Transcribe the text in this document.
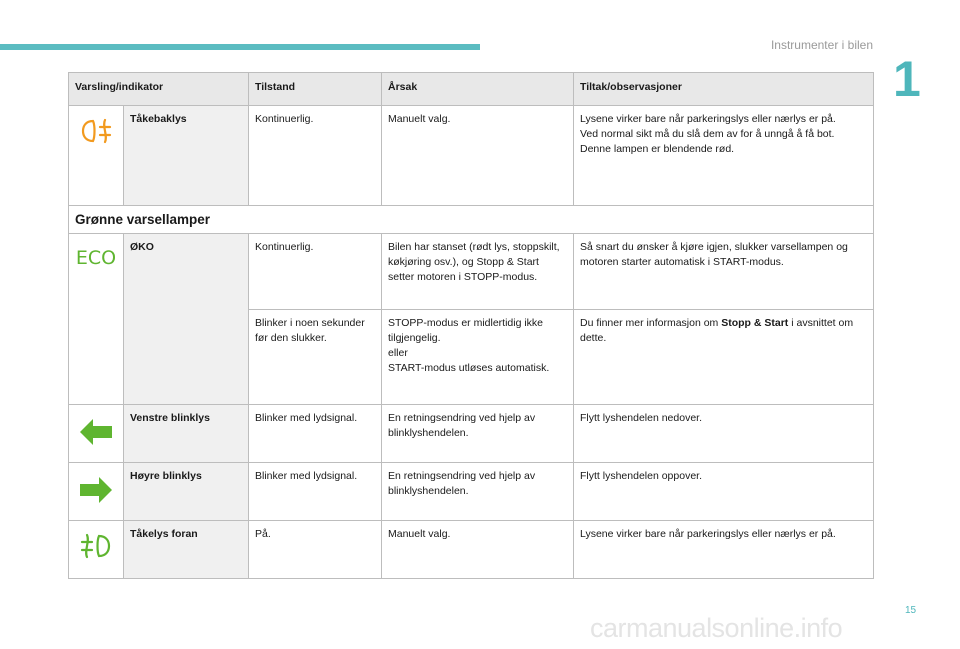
Instrumenter i bilen
1
Varsling/indikator		Tilstand	Årsak	Tiltak/observasjoner
	Tåkebaklys	Kontinuerlig.	Manuelt valg.	Lysene virker bare når parkeringslys eller nærlys er på.
Ved normal sikt må du slå dem av for å unngå å få bot. Denne lampen er blendende rød.
Grønne varsellamper				

ECO	ØKO	Kontinuerlig.	Bilen har stanset (rødt lys, stoppskilt, køkjøring osv.), og Stopp & Start setter motoren i STOPP-modus.	Så snart du ønsker å kjøre igjen, slukker varsellampen og motoren starter automatisk i START-modus.
		Blinker i noen sekunder før den slukker.	STOPP-modus er midlertidig ikke tilgjengelig.
eller
START-modus utløses automatisk.	Du finner mer informasjon om Stopp & Start i avsnittet om dette.
	Venstre blinklys	Blinker med lydsignal.	En retningsendring ved hjelp av blinklyshendelen.	Flytt lyshendelen nedover.
	Høyre blinklys	Blinker med lydsignal.	En retningsendring ved hjelp av blinklyshendelen.	Flytt lyshendelen oppover.
	Tåkelys foran	På.	Manuelt valg.	Lysene virker bare når parkeringslys eller nærlys er på.
15
carmanualsonline.info
